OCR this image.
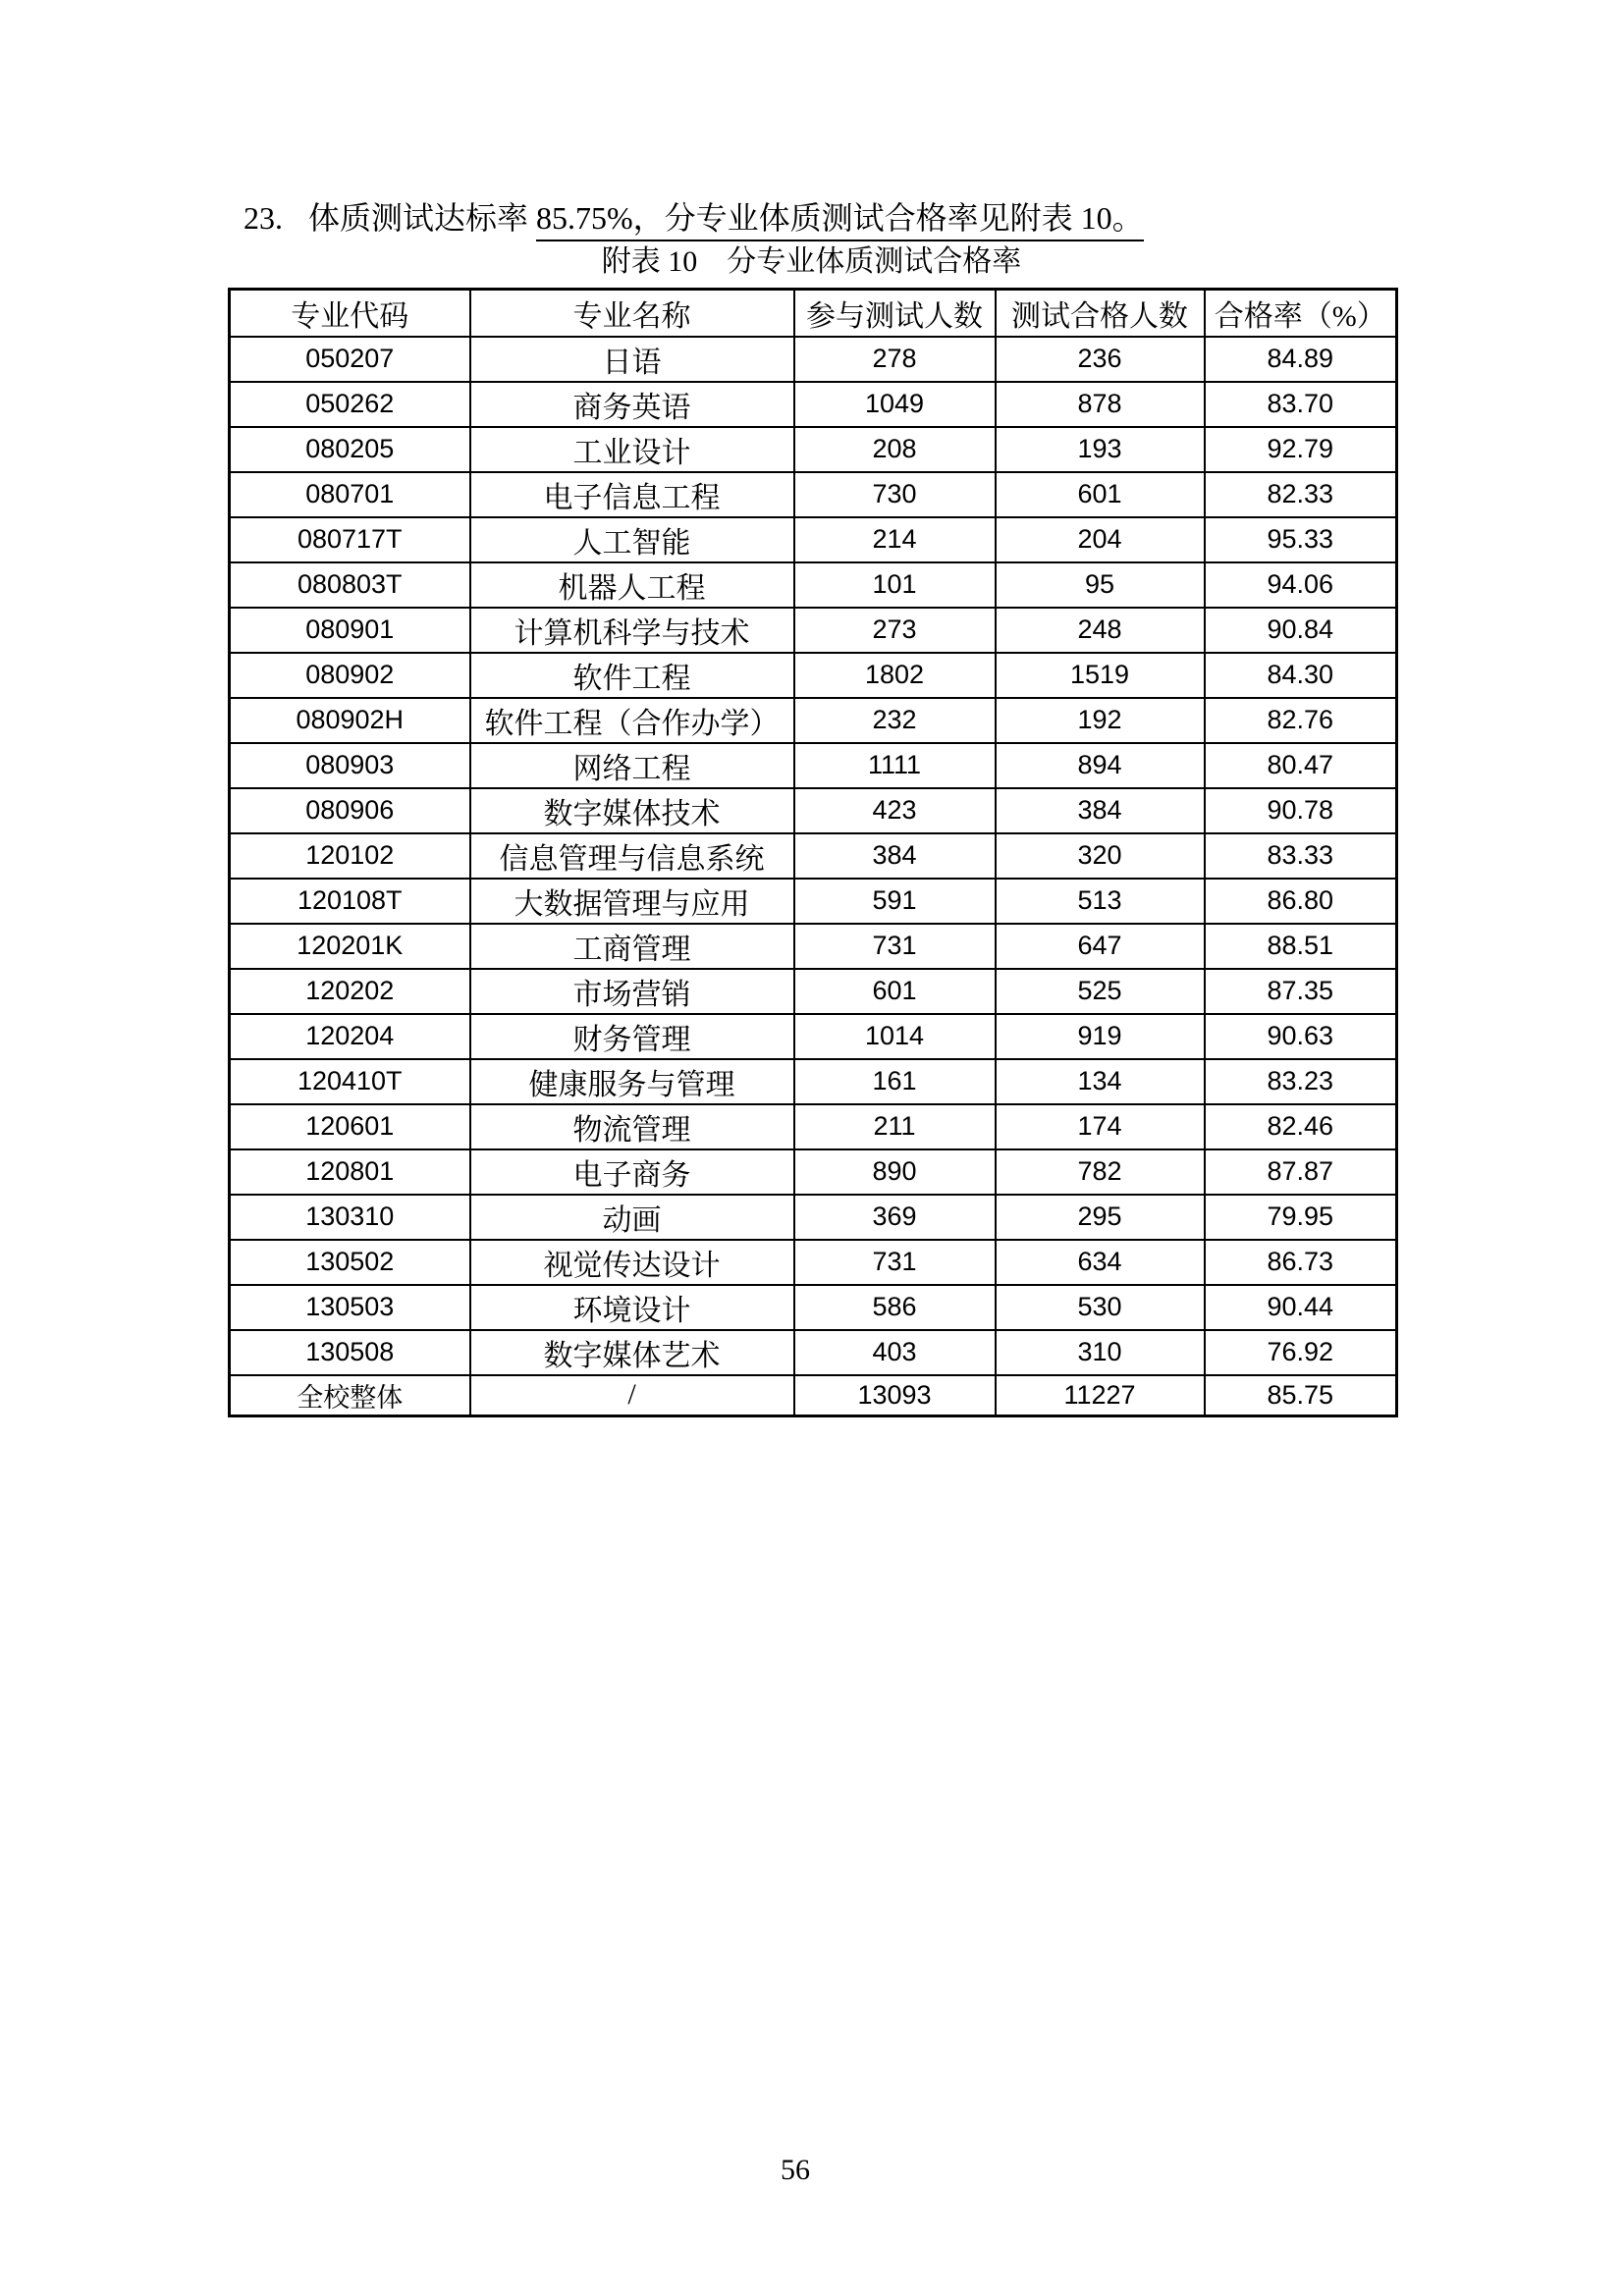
23. 体质测试达标率 85.75%，分专业体质测试合格率见附表 10。

附表 10　分专业体质测试合格率

专业代码	专业名称	参与测试人数	测试合格人数	合格率（%）
050207	日语	278	236	84.89
050262	商务英语	1049	878	83.70
080205	工业设计	208	193	92.79
080701	电子信息工程	730	601	82.33
080717T	人工智能	214	204	95.33
080803T	机器人工程	101	95	94.06
080901	计算机科学与技术	273	248	90.84
080902	软件工程	1802	1519	84.30
080902H	软件工程（合作办学）	232	192	82.76
080903	网络工程	1111	894	80.47
080906	数字媒体技术	423	384	90.78
120102	信息管理与信息系统	384	320	83.33
120108T	大数据管理与应用	591	513	86.80
120201K	工商管理	731	647	88.51
120202	市场营销	601	525	87.35
120204	财务管理	1014	919	90.63
120410T	健康服务与管理	161	134	83.23
120601	物流管理	211	174	82.46
120801	电子商务	890	782	87.87
130310	动画	369	295	79.95
130502	视觉传达设计	731	634	86.73
130503	环境设计	586	530	90.44
130508	数字媒体艺术	403	310	76.92
全校整体	/	13093	11227	85.75
56
